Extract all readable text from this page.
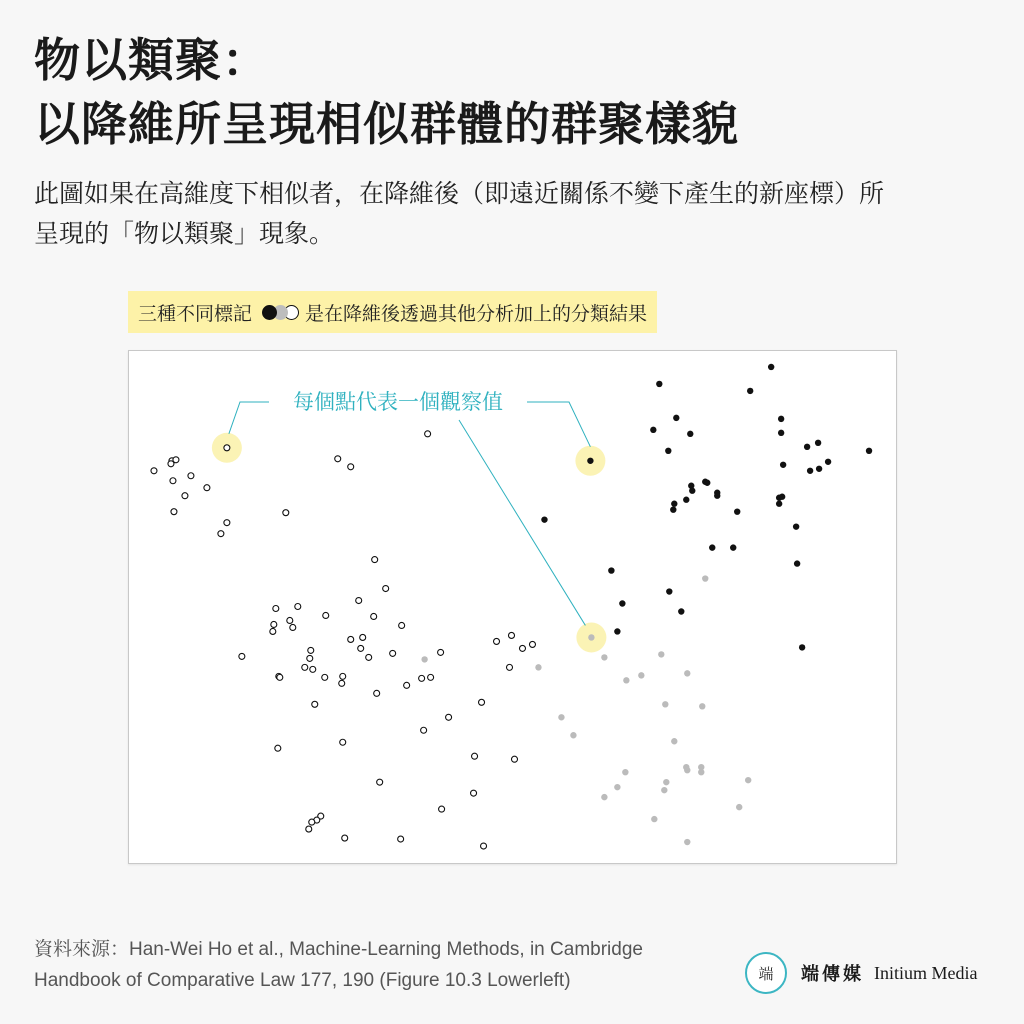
物以類聚：
以降維所呈現相似群體的群聚樣貌
此圖如果在高維度下相似者，在降維後（即遠近關係不變下產生的新座標）所
呈現的「物以類聚」現象。
三種不同標記	是在降維後透過其他分析加上的分類結果
每個點代表一個觀察值
資料來源：Han-Wei Ho et al., Machine-Learning Methods, in Cambridge
Handbook of Comparative Law 177, 190 (Figure 10.3 Lowerleft)	端 端傳媒 Initium Media
